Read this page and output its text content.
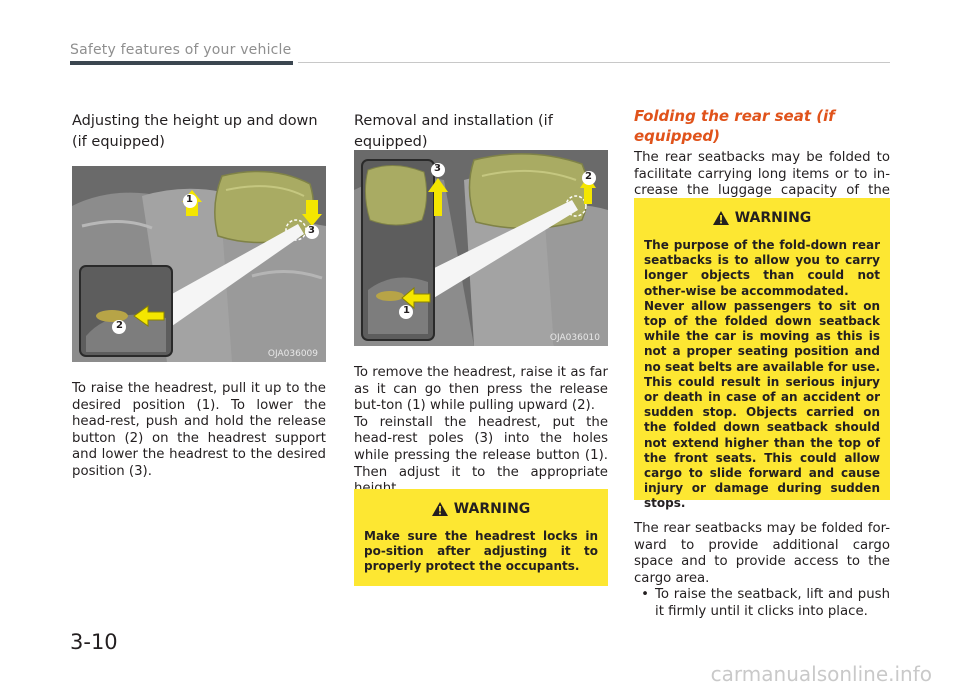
Safety features of your vehicle

Adjusting the height up and down (if equipped)

1
2
3
OJA036009
To raise the headrest, pull it up to the desired position (1). To lower the head-rest, push and hold the release button (2) on the headrest support and lower the headrest to the desired position (3).

Removal and installation (if equipped)

3
2
1
OJA036010

To remove the headrest, raise it as far as it can go then press the release but-ton (1) while pulling upward (2).

To reinstall the headrest, put the head-rest poles (3) into the holes while pressing the release button (1). Then adjust it to the appropriate

WARNING
Make sure the headrest locks in po-sition after adjusting it to properly protect the occupants.

Folding the rear seat (if equipped)

The rear seatbacks may be folded to facilitate carrying long items or to in-crease the luggage capacity of the
WARNING

The purpose of the fold-down rear seatbacks is to allow you to carry longer objects than could not other-wise be accommodated.

Never allow passengers to sit on top of the folded down seatback while the car is moving as this is not a proper seating position and no seat belts are available for use. This could result in serious injury or death in case of an accident or sudden stop. Objects carried on the folded down seatback should not extend higher than the top of the front seats. This could allow cargo to slide forward and cause injury or damage during sudden stops.

The rear seatbacks may be folded for-ward to provide additional cargo space and to provide access to the cargo area.

• To raise the seatback, lift and push it firmly until it clicks into place.
3-10
carmanualsonline.info
